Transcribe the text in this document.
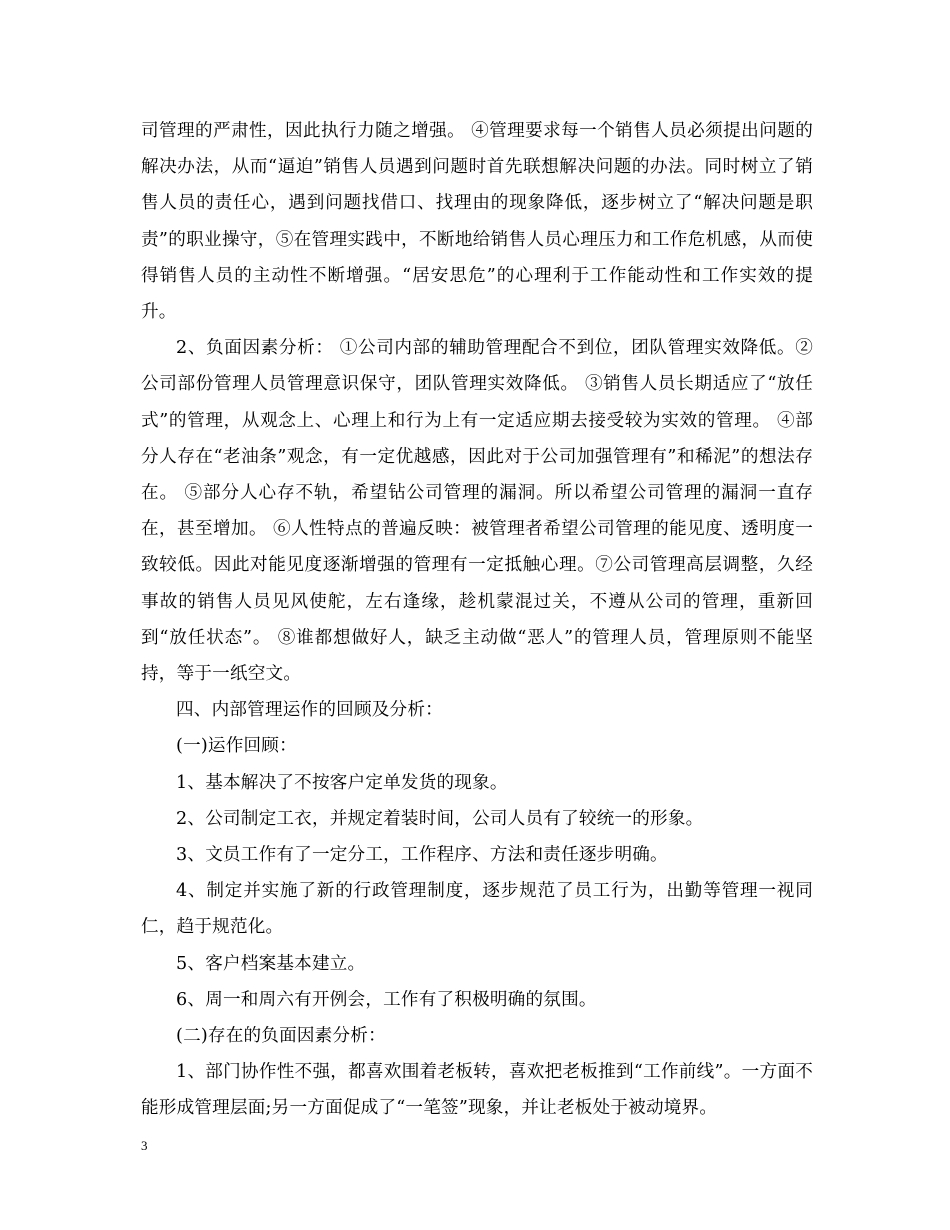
司管理的严肃性，因此执行力随之增强。 ④管理要求每一个销售人员必须提出问题的解决办法，从而“逼迫”销售人员遇到问题时首先联想解决问题的办法。同时树立了销售人员的责任心，遇到问题找借口、找理由的现象降低，逐步树立了“解决问题是职责”的职业操守，⑤在管理实践中，不断地给销售人员心理压力和工作危机感，从而使得销售人员的主动性不断增强。“居安思危”的心理利于工作能动性和工作实效的提升。

2、负面因素分析： ①公司内部的辅助管理配合不到位，团队管理实效降低。②公司部份管理人员管理意识保守，团队管理实效降低。 ③销售人员长期适应了“放任式”的管理，从观念上、心理上和行为上有一定适应期去接受较为实效的管理。 ④部分人存在“老油条”观念，有一定优越感，因此对于公司加强管理有”和稀泥”的想法存在。 ⑤部分人心存不轨，希望钻公司管理的漏洞。所以希望公司管理的漏洞一直存在，甚至增加。 ⑥人性特点的普遍反映：被管理者希望公司管理的能见度、透明度一致较低。因此对能见度逐渐增强的管理有一定抵触心理。⑦公司管理高层调整，久经事故的销售人员见风使舵，左右逢缘，趁机蒙混过关，不遵从公司的管理，重新回到“放任状态”。 ⑧谁都想做好人，缺乏主动做“恶人”的管理人员，管理原则不能坚持，等于一纸空文。

四、内部管理运作的回顾及分析：

(一)运作回顾：

1、基本解决了不按客户定单发货的现象。

2、公司制定工衣，并规定着装时间，公司人员有了较统一的形象。

3、文员工作有了一定分工，工作程序、方法和责任逐步明确。

4、制定并实施了新的行政管理制度，逐步规范了员工行为，出勤等管理一视同仁，趋于规范化。

5、客户档案基本建立。

6、周一和周六有开例会，工作有了积极明确的氛围。

(二)存在的负面因素分析：

1、部门协作性不强，都喜欢围着老板转，喜欢把老板推到“工作前线”。一方面不能形成管理层面;另一方面促成了“一笔签”现象，并让老板处于被动境界。

3
